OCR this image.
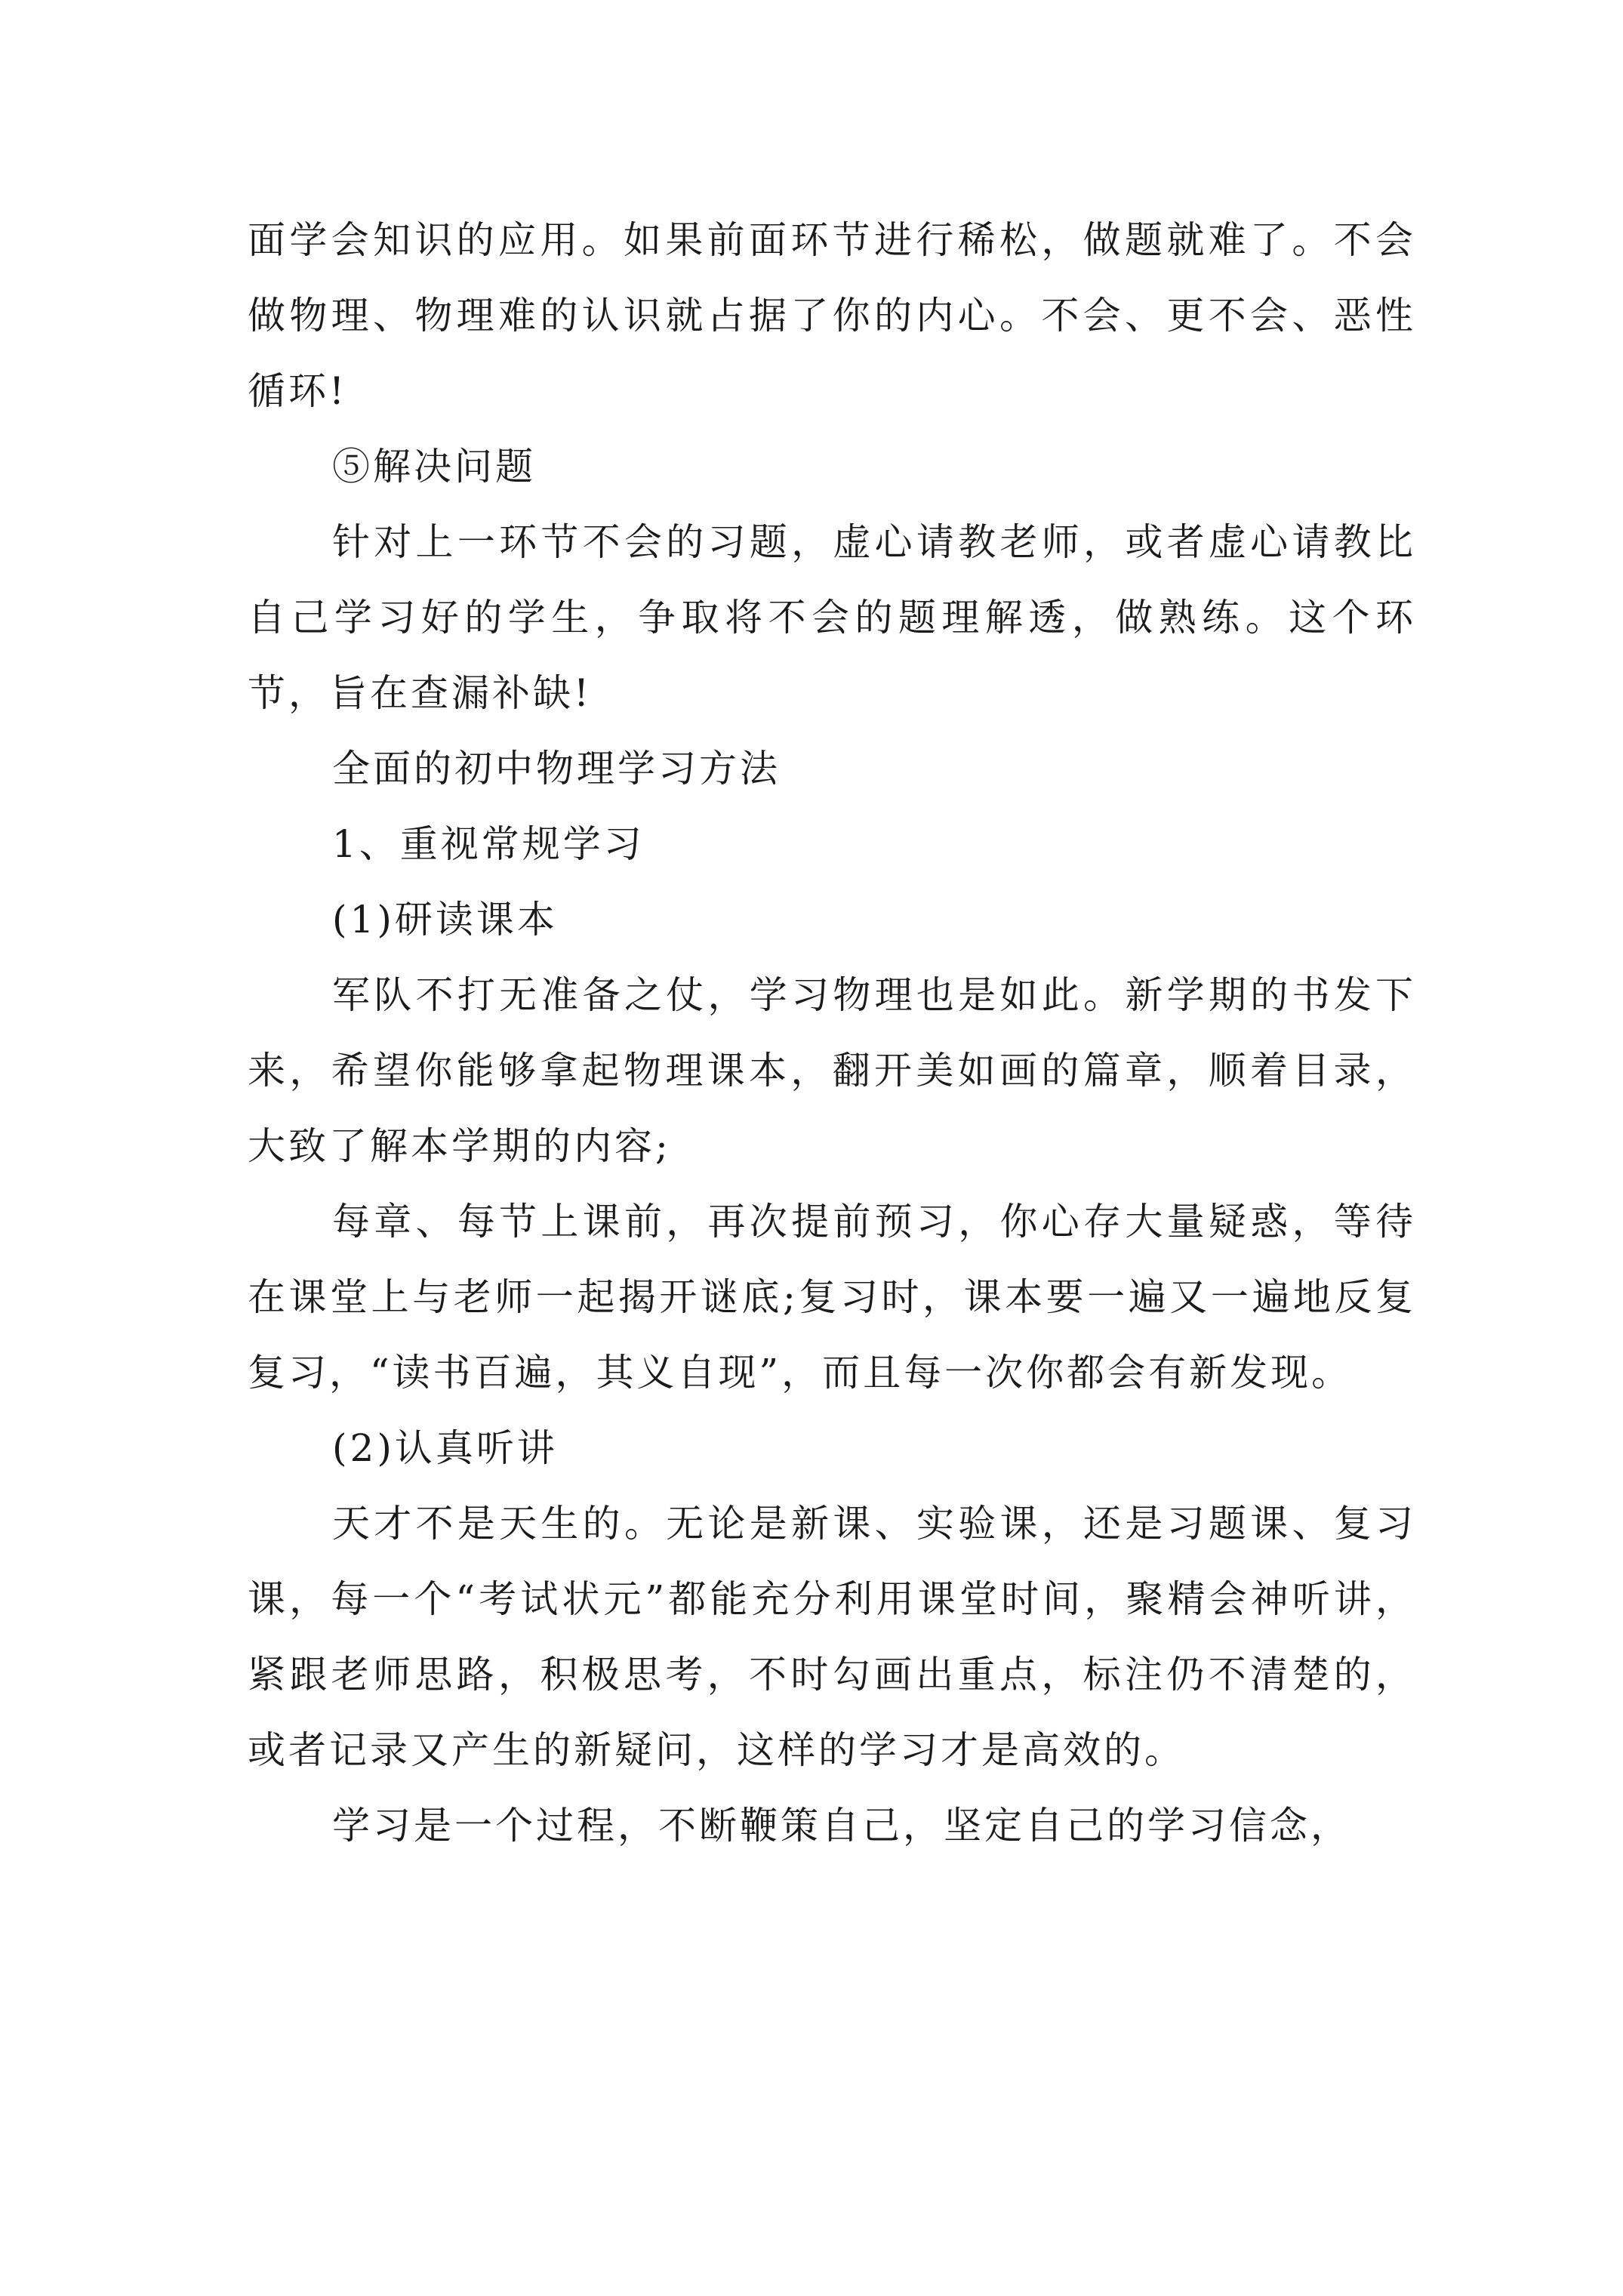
面学会知识的应用。如果前面环节进行稀松，做题就难了。不会做物理、物理难的认识就占据了你的内心。不会、更不会、恶性循环!

⑤解决问题

针对上一环节不会的习题，虚心请教老师，或者虚心请教比自己学习好的学生，争取将不会的题理解透，做熟练。这个环节，旨在查漏补缺!

全面的初中物理学习方法

1、重视常规学习

(1)研读课本

军队不打无准备之仗，学习物理也是如此。新学期的书发下来，希望你能够拿起物理课本，翻开美如画的篇章，顺着目录，大致了解本学期的内容;

每章、每节上课前，再次提前预习，你心存大量疑惑，等待在课堂上与老师一起揭开谜底;复习时，课本要一遍又一遍地反复复习，“读书百遍，其义自现”，而且每一次你都会有新发现。

(2)认真听讲

天才不是天生的。无论是新课、实验课，还是习题课、复习课，每一个“考试状元”都能充分利用课堂时间，聚精会神听讲，紧跟老师思路，积极思考，不时勾画出重点，标注仍不清楚的，或者记录又产生的新疑问，这样的学习才是高效的。

学习是一个过程，不断鞭策自己，坚定自己的学习信念，
